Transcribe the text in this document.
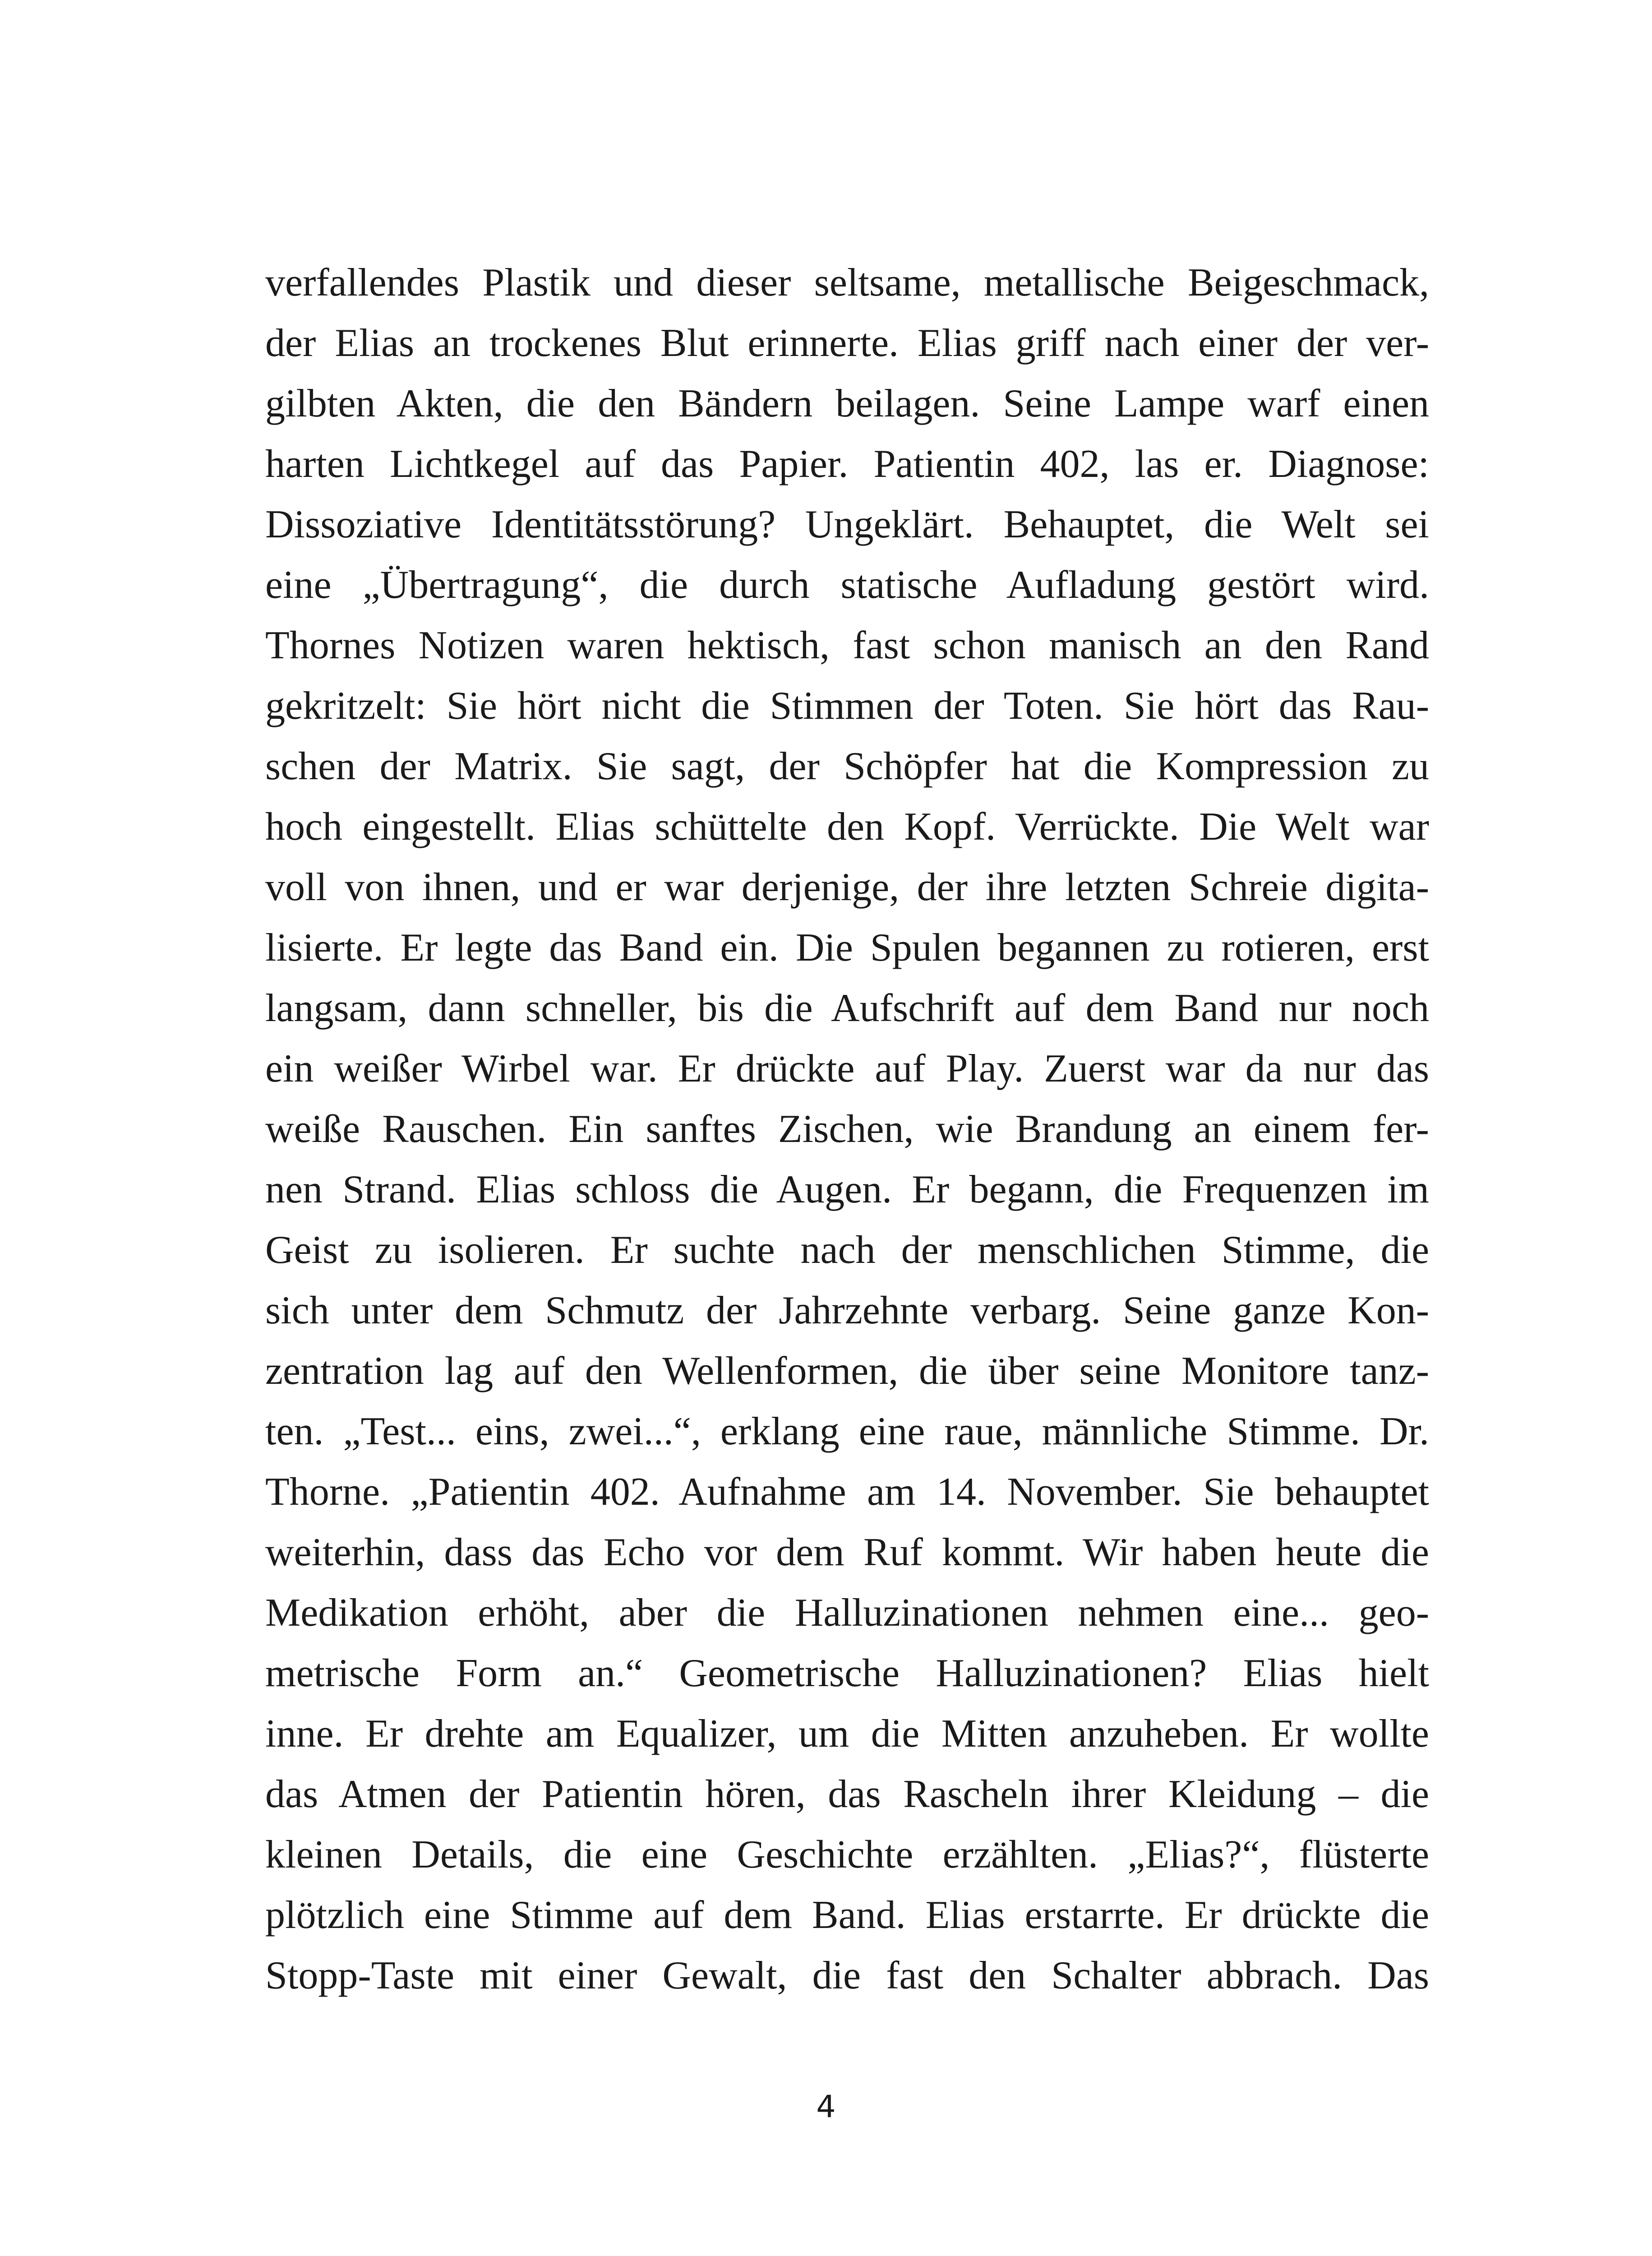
verfallendes Plastik und dieser seltsame, metallische Beigeschmack,
der Elias an trockenes Blut erinnerte. Elias griff nach einer der ver-
gilbten Akten, die den Bändern beilagen. Seine Lampe warf einen
harten Lichtkegel auf das Papier. Patientin 402, las er. Diagnose:
Dissoziative Identitätsstörung? Ungeklärt. Behauptet, die Welt sei
eine „Übertragung“, die durch statische Aufladung gestört wird.
Thornes Notizen waren hektisch, fast schon manisch an den Rand
gekritzelt: Sie hört nicht die Stimmen der Toten. Sie hört das Rau-
schen der Matrix. Sie sagt, der Schöpfer hat die Kompression zu
hoch eingestellt. Elias schüttelte den Kopf. Verrückte. Die Welt war
voll von ihnen, und er war derjenige, der ihre letzten Schreie digita-
lisierte. Er legte das Band ein. Die Spulen begannen zu rotieren, erst
langsam, dann schneller, bis die Aufschrift auf dem Band nur noch
ein weißer Wirbel war. Er drückte auf Play. Zuerst war da nur das
weiße Rauschen. Ein sanftes Zischen, wie Brandung an einem fer-
nen Strand. Elias schloss die Augen. Er begann, die Frequenzen im
Geist zu isolieren. Er suchte nach der menschlichen Stimme, die
sich unter dem Schmutz der Jahrzehnte verbarg. Seine ganze Kon-
zentration lag auf den Wellenformen, die über seine Monitore tanz-
ten. „Test... eins, zwei...“, erklang eine raue, männliche Stimme. Dr.
Thorne. „Patientin 402. Aufnahme am 14. November. Sie behauptet
weiterhin, dass das Echo vor dem Ruf kommt. Wir haben heute die
Medikation erhöht, aber die Halluzinationen nehmen eine... geo-
metrische Form an.“ Geometrische Halluzinationen? Elias hielt
inne. Er drehte am Equalizer, um die Mitten anzuheben. Er wollte
das Atmen der Patientin hören, das Rascheln ihrer Kleidung – die
kleinen Details, die eine Geschichte erzählten. „Elias?“, flüsterte
plötzlich eine Stimme auf dem Band. Elias erstarrte. Er drückte die
Stopp-Taste mit einer Gewalt, die fast den Schalter abbrach. Das
4
